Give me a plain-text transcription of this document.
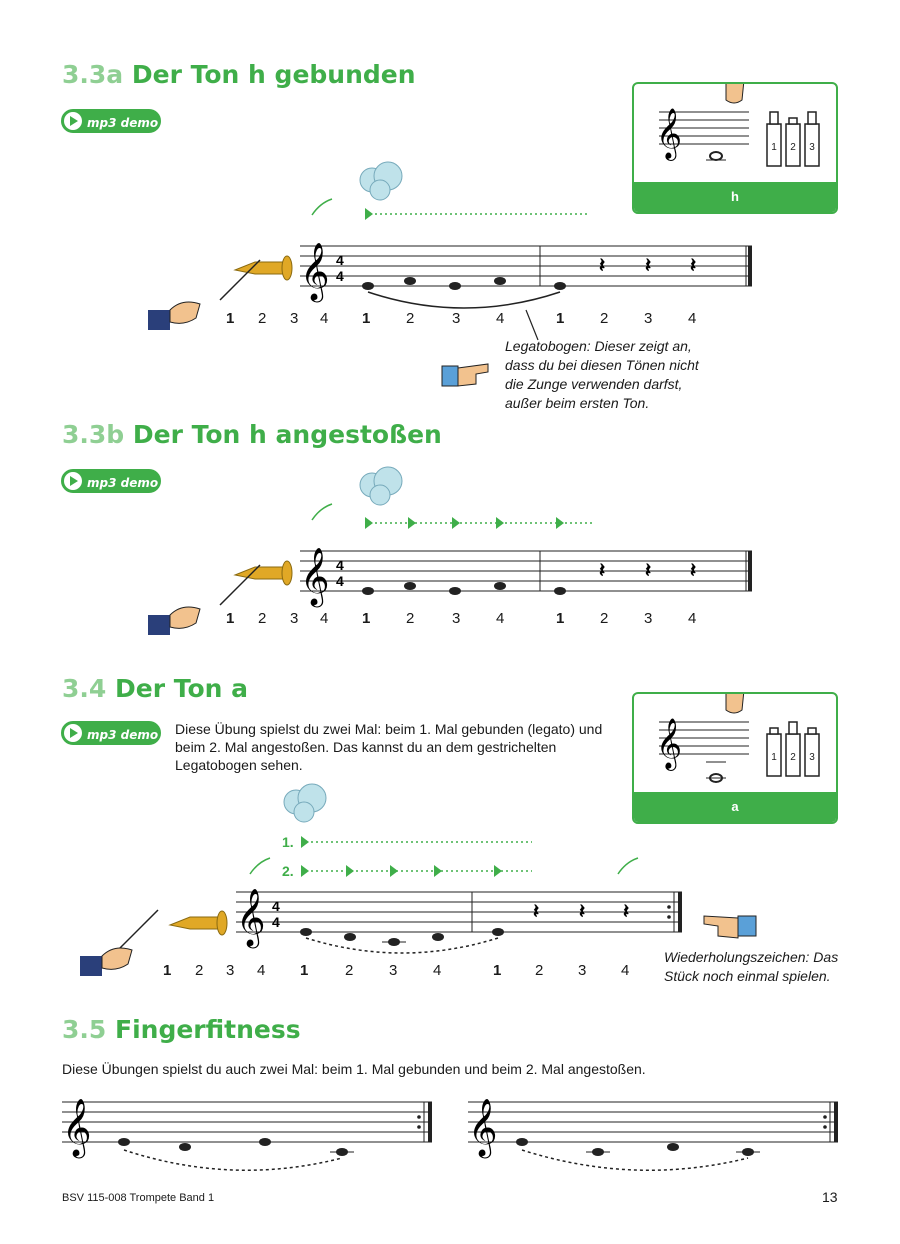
3.3a Der Ton h gebunden
mp3 demo	𝄞	1 2 3
h
𝄞 4
4	𝄽 𝄽 𝄽
1 2 3 4 1 2	3 4	1 2 3 4
Legatobogen: Dieser zeigt an, dass du bei diesen Tönen nicht die Zunge verwenden darfst, außer beim ersten Ton.
3.3b Der Ton h angestoßen
mp3 demo
𝄞 4
4	𝄽 𝄽 𝄽
1 2 3 4 1 2	3 4	1 2 3 4
3.4 Der Ton a
mp3 demo Diese Übung spielst du zwei Mal: beim 1. Mal gebunden (legato) und beim 2. Mal angestoßen. Das kannst du an dem gestrichelten Legatobogen sehen.	𝄞	1 2 3
a
1.
2.
𝄞 4
4	𝄽 𝄽 𝄽
1 2 3 4 1 2 3 4	1 2 3 4
Wiederholungszeichen: Das Stück noch einmal spielen.
3.5 Fingerfitness
Diese Übungen spielst du auch zwei Mal: beim 1. Mal gebunden und beim 2. Mal angestoßen.
𝄞	𝄞
BSV 115-008 Trompete Band 1	13
